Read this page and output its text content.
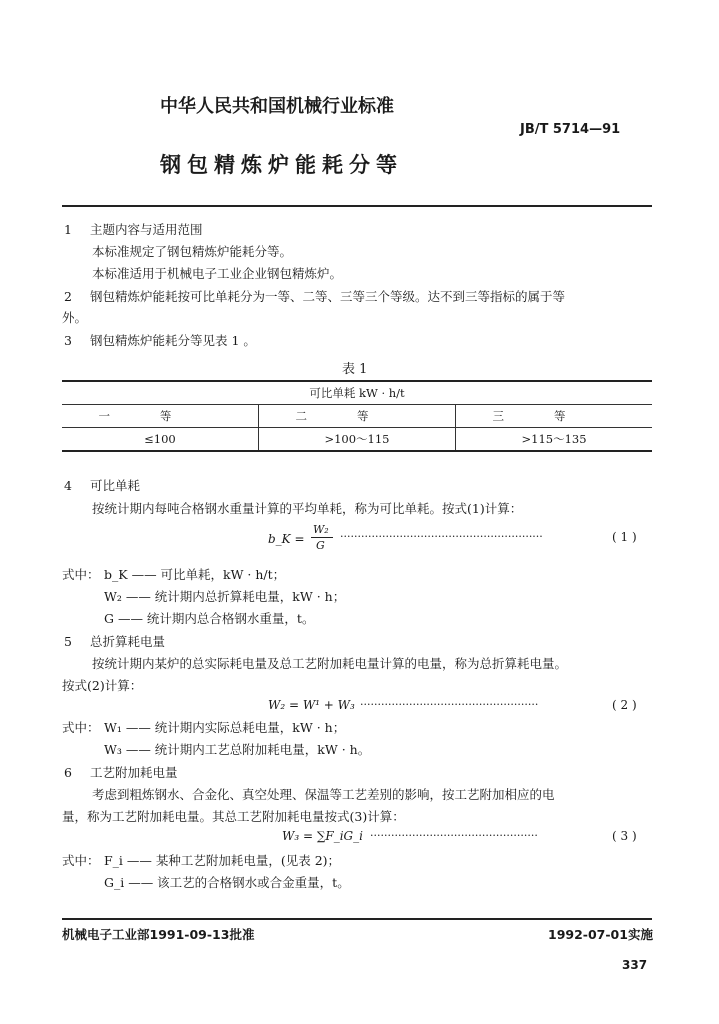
中华人民共和国机械行业标准
JB/T 5714—91
钢包精炼炉能耗分等
1 主题内容与适用范围
本标准规定了钢包精炼炉能耗分等。
本标准适用于机械电子工业企业钢包精炼炉。
2 钢包精炼炉能耗按可比单耗分为一等、二等、三等三个等级。达不到三等指标的属于等
外。
3 钢包精炼炉能耗分等见表 1 。
表 1
可比单耗 kW · h/t		
一等	二等	三等
≤100	>100～115	>115～135
4 可比单耗
按统计期内每吨合格钢水重量计算的平均单耗，称为可比单耗。按式(1)计算：
b_K =
W₂
G
··························································	( 1 )
式中： b_K —— 可比单耗，kW · h/t；
W₂ —— 统计期内总折算耗电量，kW · h；
G —— 统计期内总合格钢水重量，t。
5 总折算耗电量
按统计期内某炉的总实际耗电量及总工艺附加耗电量计算的电量，称为总折算耗电量。
按式(2)计算：
W₂ = W¹ + W₃ ···················································	( 2 )
式中： W₁ —— 统计期内实际总耗电量，kW · h；
W₃ —— 统计期内工艺总附加耗电量，kW · h。
6 工艺附加耗电量
考虑到粗炼钢水、合金化、真空处理、保温等工艺差别的影响，按工艺附加相应的电
量，称为工艺附加耗电量。其总工艺附加耗电量按式(3)计算：
W₃ = ∑F_iG_i ················································	( 3 )
式中： F_i —— 某种工艺附加耗电量，(见表 2)；
G_i —— 该工艺的合格钢水或合金重量，t。
机械电子工业部1991-09-13批准	1992-07-01实施
337
